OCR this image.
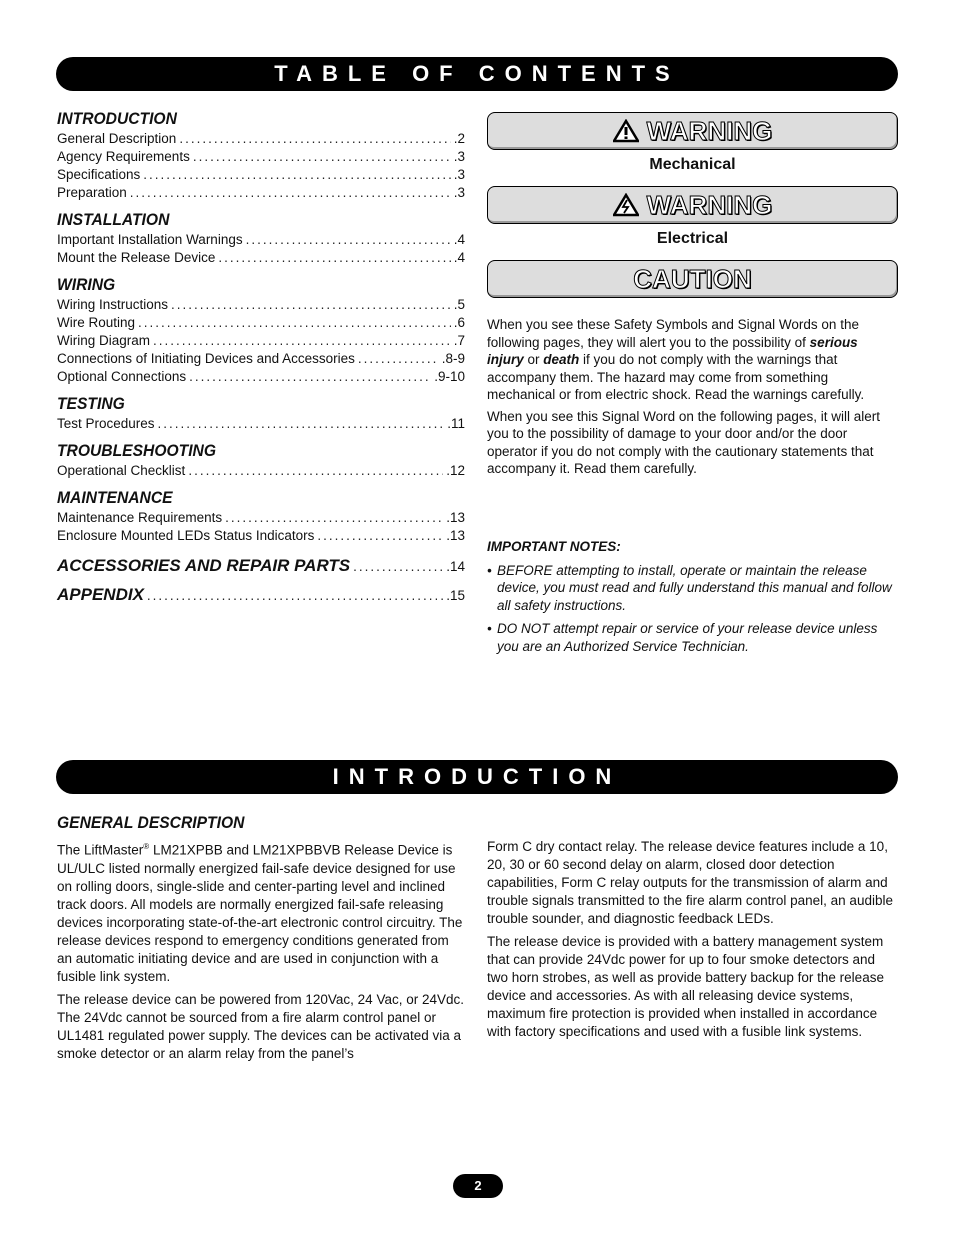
TABLE OF CONTENTS
INTRODUCTION
General Description .....	.2
Agency Requirements .....	.3
Specifications .....	.3
Preparation .....	.3
INSTALLATION
Important Installation Warnings .....	.4
Mount the Release Device .....	.4
WIRING
Wiring Instructions .....	.5
Wire Routing .....	.6
Wiring Diagram .....	.7
Connections of Initiating Devices and Accessories .....	.8-9
Optional Connections .....	.9-10
TESTING
Test Procedures .....	.11
TROUBLESHOOTING
Operational Checklist .....	.12
MAINTENANCE
Maintenance Requirements .....	.13
Enclosure Mounted LEDs Status Indicators .....	.13
ACCESSORIES AND REPAIR PARTS .....	.14
APPENDIX .....	.15
WARNING
Mechanical
WARNING
Electrical
CAUTION

When you see these Safety Symbols and Signal Words on the following pages, they will alert you to the possibility of serious injury or death if you do not comply with the warnings that accompany them. The hazard may come from something mechanical or from electric shock. Read the warnings carefully.

When you see this Signal Word on the following pages, it will alert you to the possibility of damage to your door and/or the door operator if you do not comply with the cautionary statements that accompany it. Read them carefully.

IMPORTANT NOTES:
• BEFORE attempting to install, operate or maintain the release device, you must read and fully understand this manual and follow all safety instructions.
• DO NOT attempt repair or service of your release device unless you are an Authorized Service Technician.
INTRODUCTION
GENERAL DESCRIPTION

The LiftMaster® LM21XPBB and LM21XPBBVB Release Device is UL/ULC listed normally energized fail-safe device designed for use on rolling doors, single-slide and center-parting level and inclined track doors. All models are normally energized fail-safe releasing devices incorporating state-of-the-art electronic control circuitry. The release devices respond to emergency conditions generated from an automatic initiating device and are used in conjunction with a fusible link system.

The release device can be powered from 120Vac, 24 Vac, or 24Vdc. The 24Vdc cannot be sourced from a fire alarm control panel or UL1481 regulated power supply. The devices can be activated via a smoke detector or an alarm relay from the panel’s

Form C dry contact relay. The release device features include a 10, 20, 30 or 60 second delay on alarm, closed door detection capabilities, Form C relay outputs for the transmission of alarm and trouble signals transmitted to the fire alarm control panel, an audible trouble sounder, and diagnostic feedback LEDs.

The release device is provided with a battery management system that can provide 24Vdc power for up to four smoke detectors and two horn strobes, as well as provide battery backup for the release device and accessories. As with all releasing device systems, maximum fire protection is provided when installed in accordance with factory specifications and used with a fusible link systems.

2
